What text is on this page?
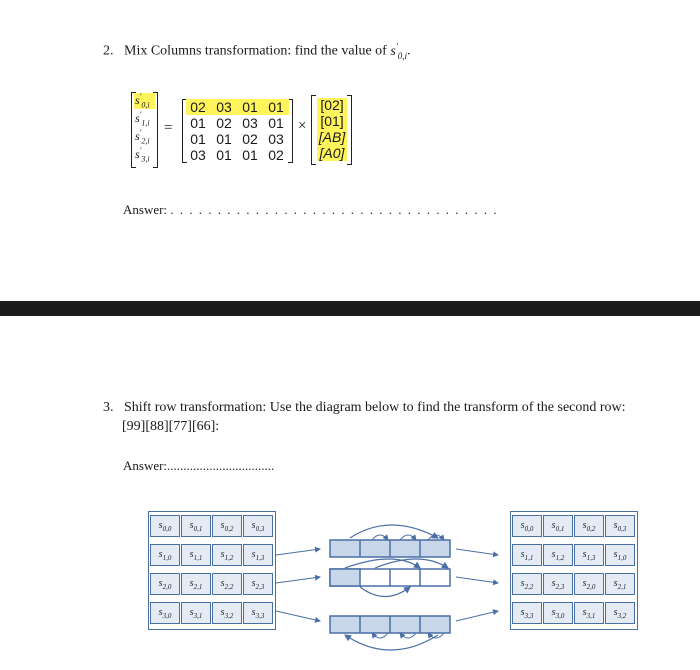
2. Mix Columns transformation: find the value of $s'_{0,i}$.
$s'_{0,i}$
$s'_{1,i}$
$s'_{2,i}$
$s'_{3,i}$
=
02 03 01 01
01 02 03 01
01 01 02 03
03 01 01 02
×
[02]
[01]
[AB]
[A0]
Answer: . . . . . . . . . . . . . . . . . . . . . . . . . . . . . . . . . . .
3. Shift row transformation: Use the diagram below to find the transform of the second row:
[99][88][77][66]:
Answer:.................................
$s_{0,0}$	$s_{0,1}$	$s_{0,2}$	$s_{0,3}$
$s_{1,0}$	$s_{1,1}$	$s_{1,2}$	$s_{1,3}$
$s_{2,0}$	$s_{2,1}$	$s_{2,2}$	$s_{2,3}$
$s_{3,0}$	$s_{3,1}$	$s_{3,2}$	$s_{3,3}$
$s_{0,0}$	$s_{0,1}$	$s_{0,2}$	$s_{0,3}$
$s_{1,1}$	$s_{1,2}$	$s_{1,3}$	$s_{1,0}$
$s_{2,2}$	$s_{2,3}$	$s_{2,0}$	$s_{2,1}$
$s_{3,3}$	$s_{3,0}$	$s_{3,1}$	$s_{3,2}$
